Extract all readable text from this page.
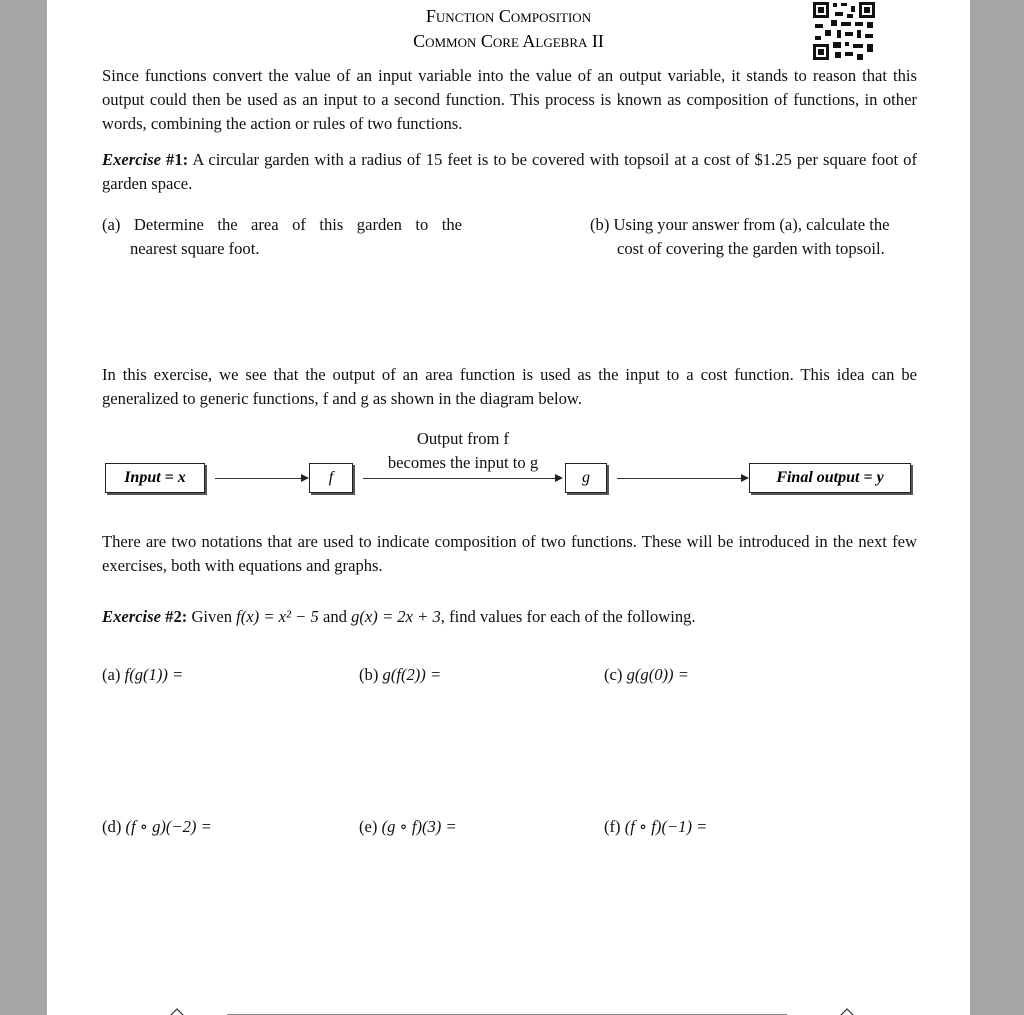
Function Composition
Common Core Algebra II
Since functions convert the value of an input variable into the value of an output variable, it stands to reason that this output could then be used as an input to a second function. This process is known as composition of functions, in other words, combining the action or rules of two functions.
Exercise #1: A circular garden with a radius of 15 feet is to be covered with topsoil at a cost of $1.25 per square foot of garden space.
(a) Determine the area of this garden to the
nearest square foot.
(b) Using your answer from (a), calculate the
cost of covering the garden with topsoil.
In this exercise, we see that the output of an area function is used as the input to a cost function. This idea can be generalized to generic functions, f and g as shown in the diagram below.
Input = x	f
Output from f
becomes the input to g
g	Final output = y
There are two notations that are used to indicate composition of two functions. These will be introduced in the next few exercises, both with equations and graphs.
Exercise #2: Given f(x) = x² − 5 and g(x) = 2x + 3, find values for each of the following.
(a) f(g(1)) =	(b) g(f(2)) =	(c) g(g(0)) =
(d) (f ∘ g)(−2) =	(e) (g ∘ f)(3) =	(f) (f ∘ f)(−1) =
